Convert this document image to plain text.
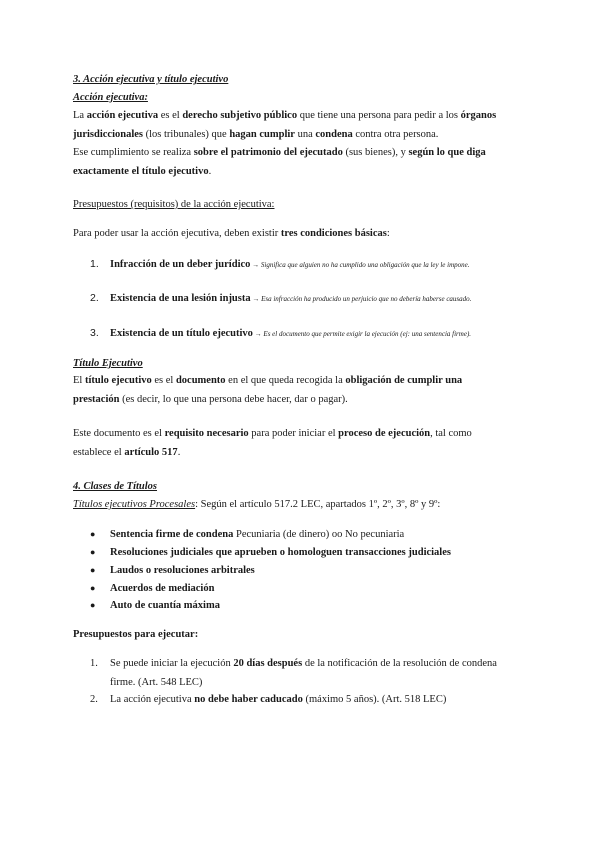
3. Acción ejecutiva y título ejecutivo
Acción ejecutiva:
La acción ejecutiva es el derecho subjetivo público que tiene una persona para pedir a los órganos
jurisdiccionales (los tribunales) que hagan cumplir una condena contra otra persona.
Ese cumplimiento se realiza sobre el patrimonio del ejecutado (sus bienes), y según lo que diga
exactamente el título ejecutivo.
Presupuestos (requisitos) de la acción ejecutiva:
Para poder usar la acción ejecutiva, deben existir tres condiciones básicas:
1. Infracción de un deber jurídico → Significa que alguien no ha cumplido una obligación que la ley le impone.
2. Existencia de una lesión injusta → Esa infracción ha producido un perjuicio que no debería haberse causado.
3. Existencia de un título ejecutivo → Es el documento que permite exigir la ejecución (ej: una sentencia firme).
Título Ejecutivo
El título ejecutivo es el documento en el que queda recogida la obligación de cumplir una
prestación (es decir, lo que una persona debe hacer, dar o pagar).
Este documento es el requisito necesario para poder iniciar el proceso de ejecución, tal como
establece el artículo 517.
4. Clases de Títulos
Títulos ejecutivos Procesales: Según el artículo 517.2 LEC, apartados 1º, 2º, 3º, 8º y 9º:
● Sentencia firme de condena Pecuniaria (de dinero) oo No pecuniaria
● Resoluciones judiciales que aprueben o homologuen transacciones judiciales
● Laudos o resoluciones arbitrales
● Acuerdos de mediación
● Auto de cuantía máxima
Presupuestos para ejecutar:
1. Se puede iniciar la ejecución 20 días después de la notificación de la resolución de condena
firme. (Art. 548 LEC)
2. La acción ejecutiva no debe haber caducado (máximo 5 años). (Art. 518 LEC)
